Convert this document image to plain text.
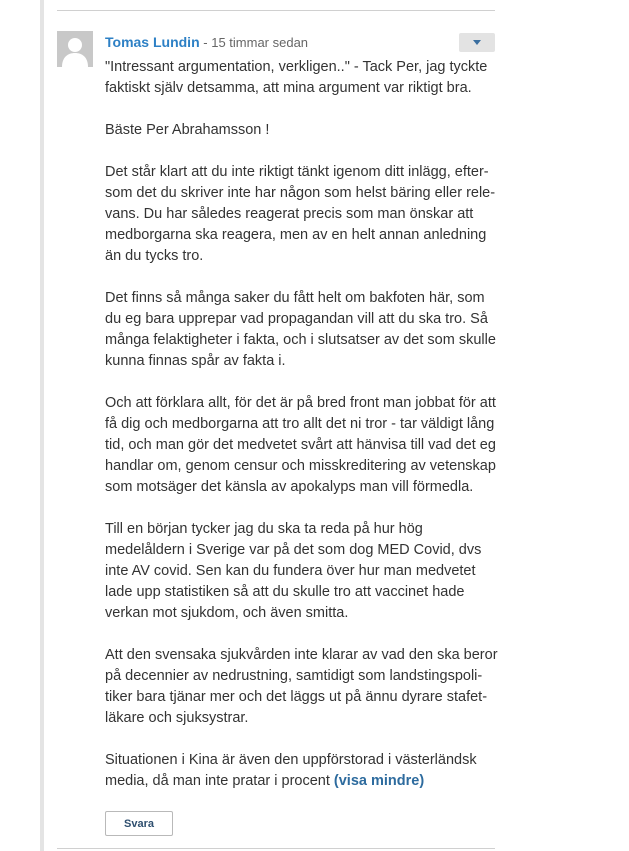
Tomas Lundin - 15 timmar sedan

"Intressant argumentation, verkligen.." - Tack Per, jag tyckte faktiskt själv detsamma, att mina argument var riktigt bra.

Bäste Per Abrahamsson !

Det står klart att du inte riktigt tänkt igenom ditt inlägg, efter-som det du skriver inte har någon som helst bäring eller rele-vans. Du har således reagerat precis som man önskar att medborgarna ska reagera, men av en helt annan anledning än du tycks tro.

Det finns så många saker du fått helt om bakfoten här, som du eg bara upprepar vad propagandan vill att du ska tro. Så många felaktigheter i fakta, och i slutsatser av det som skulle kunna finnas spår av fakta i.

Och att förklara allt, för det är på bred front man jobbat för att få dig och medborgarna att tro allt det ni tror - tar väldigt lång tid, och man gör det medvetet svårt att hänvisa till vad det eg handlar om, genom censur och misskreditering av vetenskap som motsäger det känsla av apokalyps man vill förmedla.

Till en början tycker jag du ska ta reda på hur hög medelåldern i Sverige var på det som dog MED Covid, dvs inte AV covid. Sen kan du fundera över hur man medvetet lade upp statistiken så att du skulle tro att vaccinet hade verkan mot sjukdom, och även smitta.

Att den svensaka sjukvården inte klarar av vad den ska beror på decennier av nedrustning, samtidigt som landstingspoli-tiker bara tjänar mer och det läggs ut på ännu dyrare stafet-läkare och sjuksystrar.

Situationen i Kina är även den uppförstorad i västerländsk media, då man inte pratar i procent (visa mindre)

Svara
